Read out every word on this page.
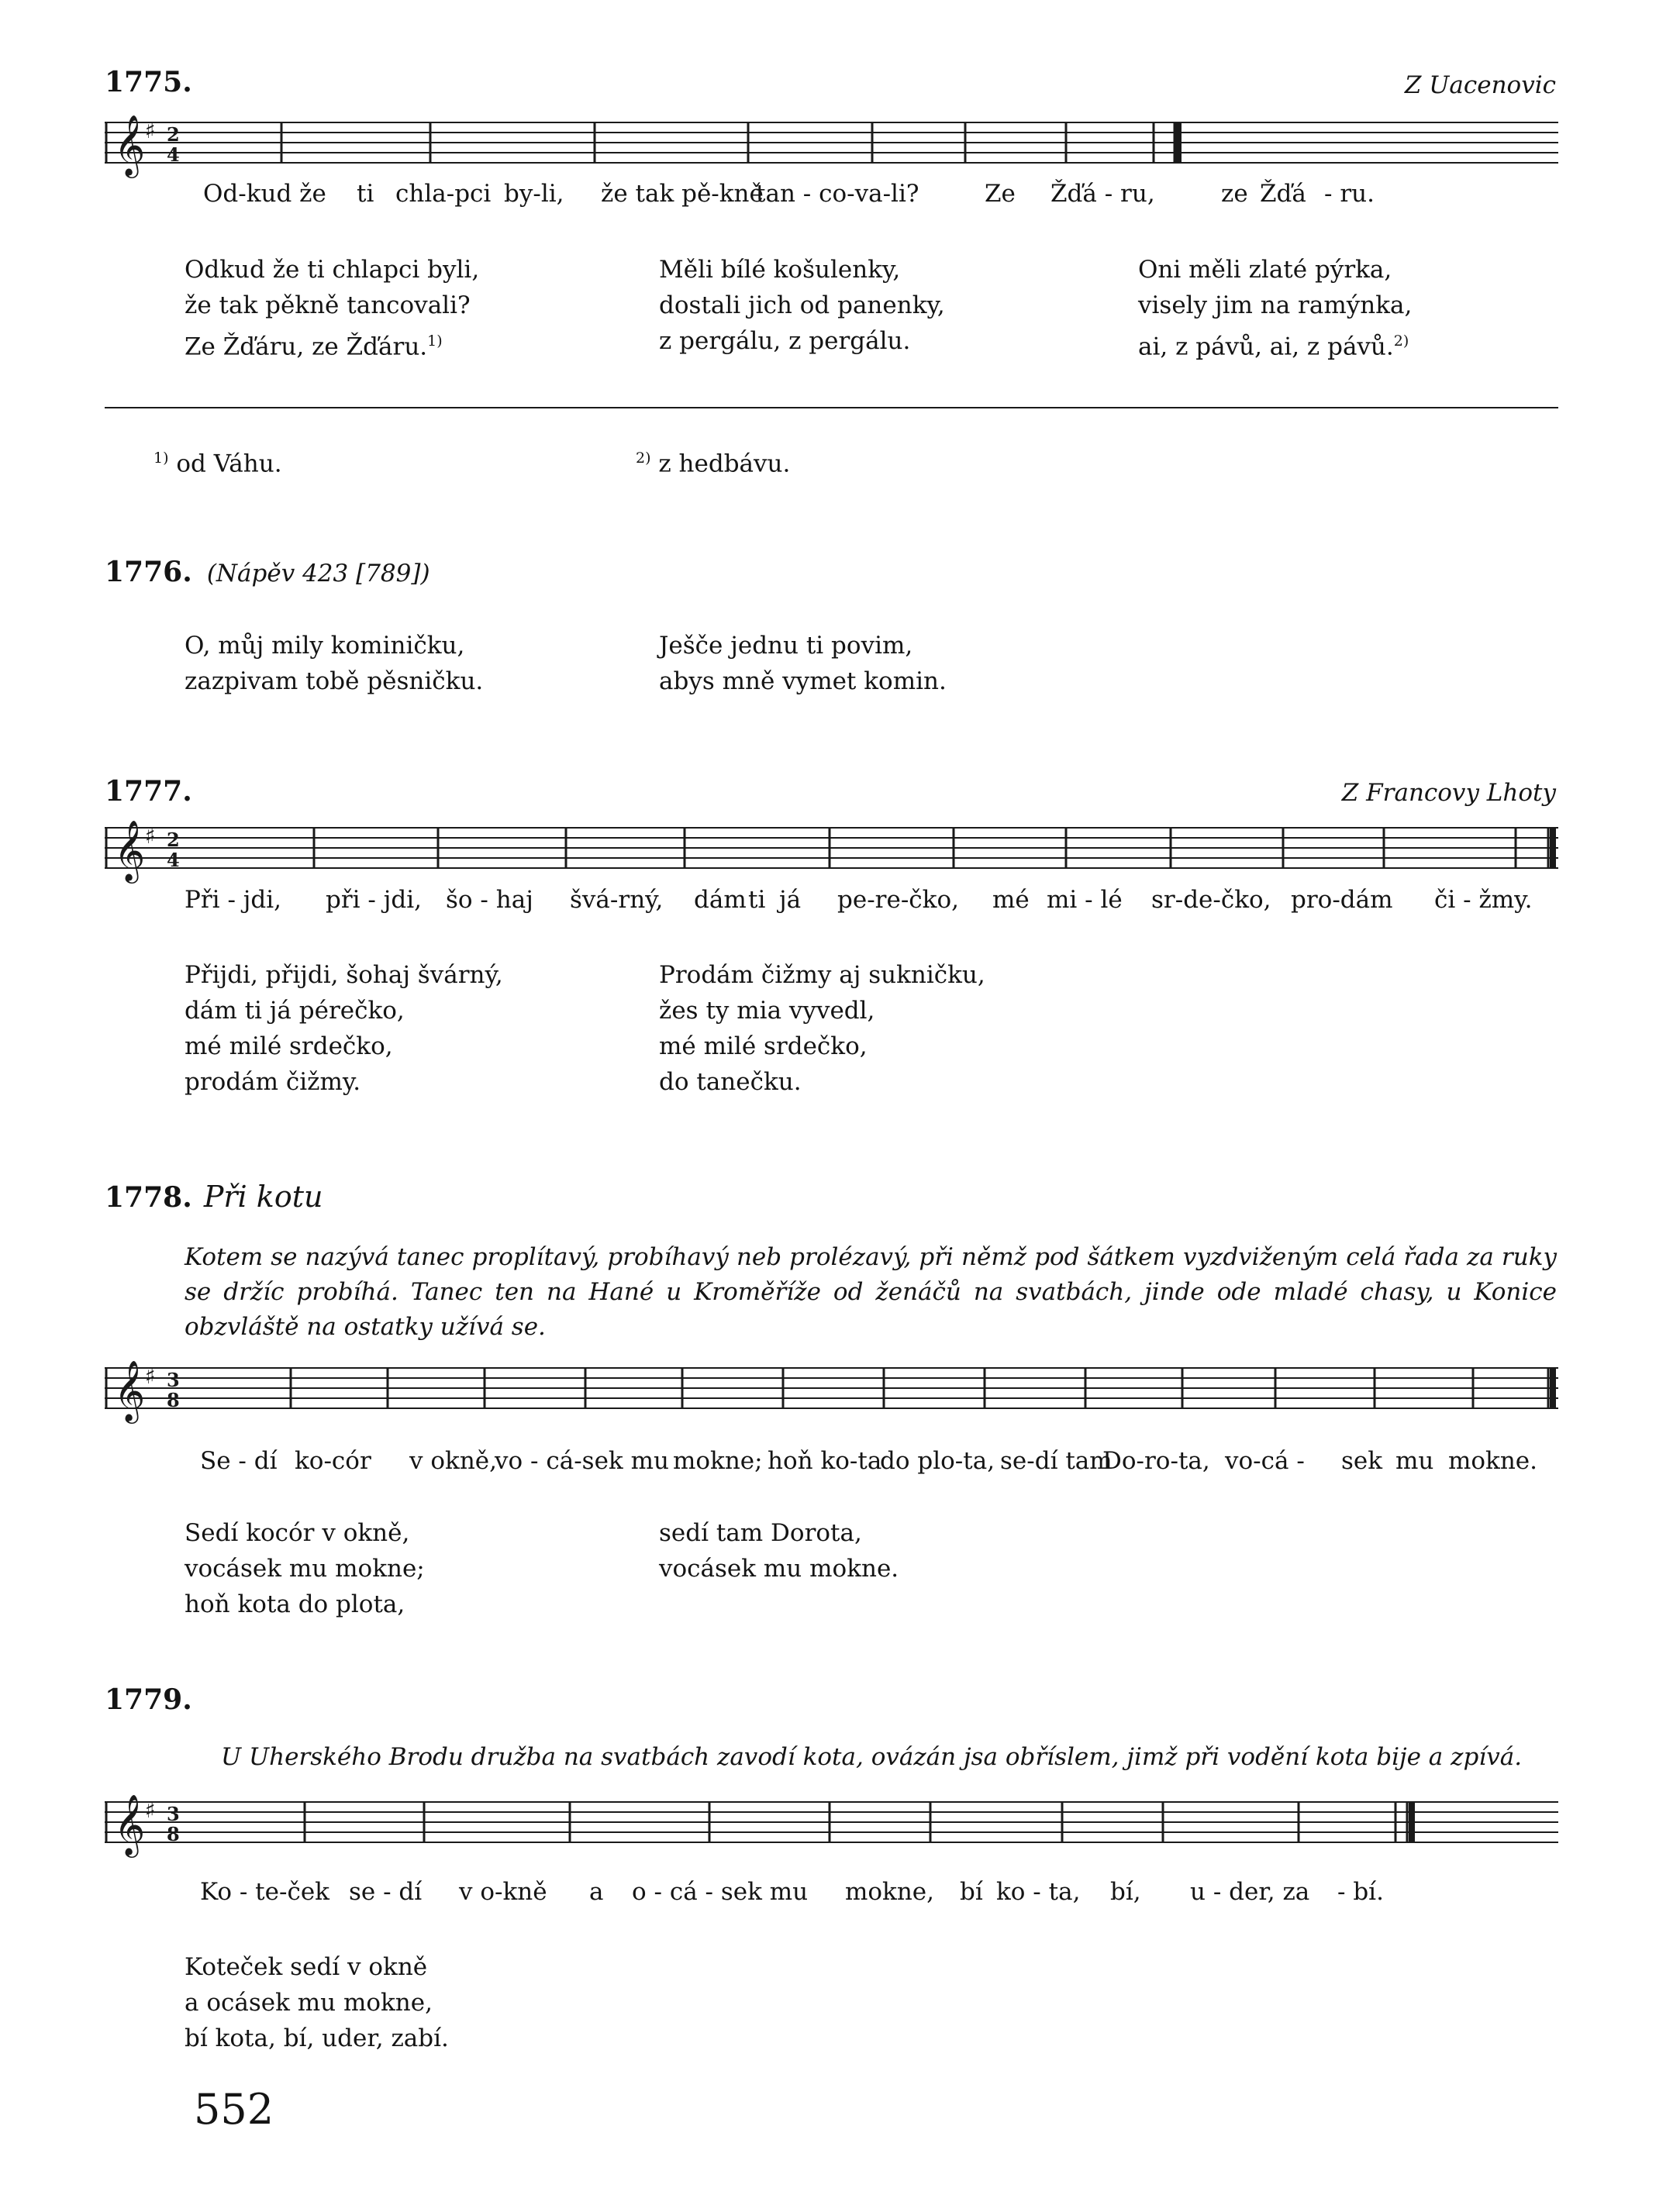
1775.	Z Uacenovic
𝄞 ♯ 2
4
Od-kud že ti chla-pci by-li, že tak pě-kně
tan - co-va-li?	Ze Žďá - ru,	ze Žďá - ru.
Odkud že ti chlapci byli,
že tak pěkně tancovali?
Ze Žďáru, ze Žďáru.$^{1)}$
Měli bílé košulenky,
dostali jich od panenky,
z pergálu, z pergálu.
Oni měli zlaté pýrka,
visely jim na ramýnka,
ai, z pávů, ai, z pávů.$^{2)}$
$^{1)}$ od Váhu.	$^{2)}$ z hedbávu.
1776. (Nápěv 423 [789])
O, můj mily kominičku,
zazpivam tobě pěsničku.
Ješče jednu ti povim,
abys mně vymet komin.
1777.	Z Francovy Lhoty
𝄞 ♯ 2
4
Při - jdi, při - jdi, šo - haj švá-rný, dám ti já pe-re-čko, mé mi - lé sr-de-čko, pro-dám či - žmy.
Přijdi, přijdi, šohaj švárný,
dám ti já pérečko,
mé milé srdečko,
prodám čižmy.
Prodám čižmy aj sukničku,
žes ty mia vyvedl,
mé milé srdečko,
do tanečku.
1778. Při kotu
Kotem se nazývá tanec proplítavý, probíhavý neb prolézavý, při němž pod šátkem vyzdviženým celá řada za ruky se držíc probíhá. Tanec ten na Hané u Kroměříže od ženáčů na svatbách, jinde ode mladé chasy, u Konice obzvláště na ostatky užívá se.
𝄞 ♯ 3
8
Se - dí ko-cór v okně,
vo - cá-sek mu mokne; hoň ko-ta
do plo-ta, se-dí tam
Do-ro-ta, vo-cá - sek mu mokne.
Sedí kocór v okně,
vocásek mu mokne;
hoň kota do plota,
sedí tam Dorota,
vocásek mu mokne.
1779.
U Uherského Brodu družba na svatbách zavodí kota, ovázán jsa obříslem, jimž při vodění kota bije a zpívá.
𝄞 ♯ 3
8
Ko - te-ček se - dí v o-kně a o - cá - sek mu mokne, bí ko - ta, bí, u - der, za - bí.
Koteček sedí v okně
a ocásek mu mokne,
bí kota, bí, uder, zabí.
552
